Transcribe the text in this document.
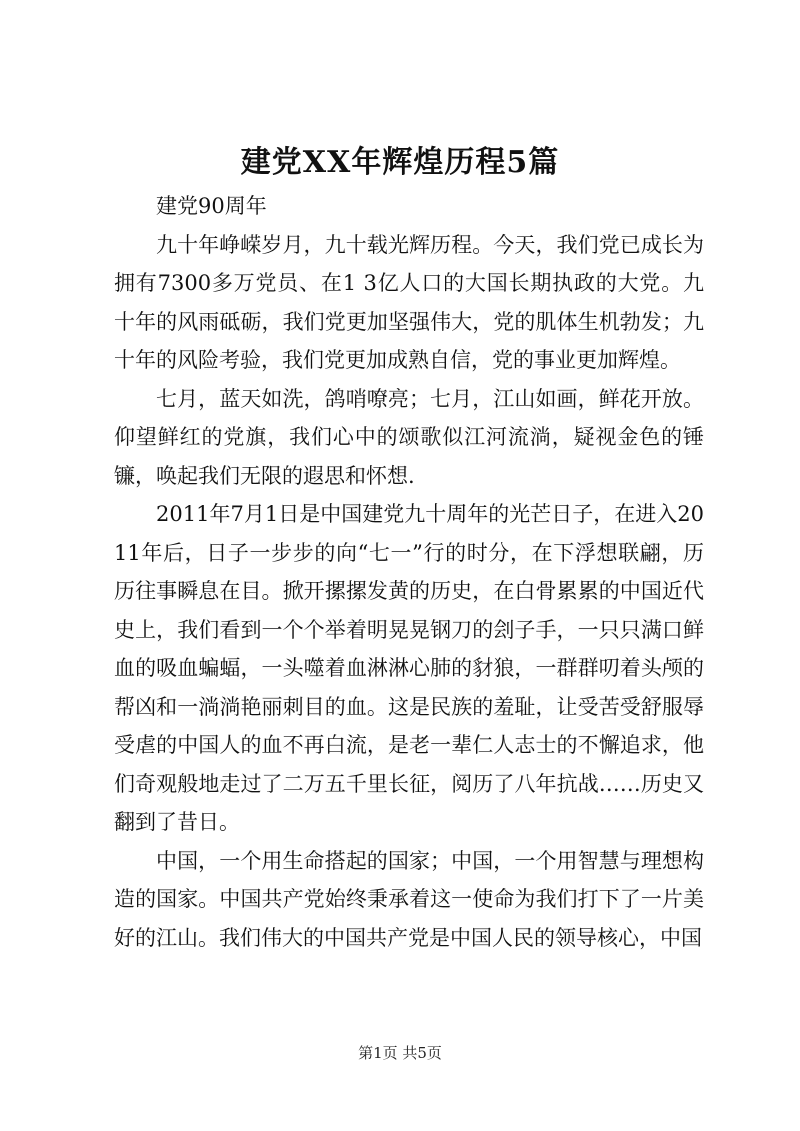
建党XX年辉煌历程5篇

建党90周年

九十年峥嵘岁月，九十载光辉历程。今天，我们党已成长为拥有7300多万党员、在1 3亿人口的大国长期执政的大党。九十年的风雨砥砺，我们党更加坚强伟大，党的肌体生机勃发；九十年的风险考验，我们党更加成熟自信，党的事业更加辉煌。

七月，蓝天如洗，鸽哨嘹亮；七月，江山如画，鲜花开放。仰望鲜红的党旗，我们心中的颂歌似江河流淌，疑视金色的锤镰，唤起我们无限的遐思和怀想.

2011年7月1日是中国建党九十周年的光芒日子，在进入2011年后，日子一步步的向“七一”行的时分，在下浮想联翩，历历往事瞬息在目。掀开摞摞发黄的历史，在白骨累累的中国近代史上，我们看到一个个举着明晃晃钢刀的刽子手，一只只满口鲜血的吸血蝙蝠，一头噬着血淋淋心肺的豺狼，一群群叨着头颅的帮凶和一淌淌艳丽刺目的血。这是民族的羞耻，让受苦受舒服辱受虐的中国人的血不再白流，是老一辈仁人志士的不懈追求，他们奇观般地走过了二万五千里长征，阅历了八年抗战……历史又翻到了昔日。

中国，一个用生命搭起的国家；中国，一个用智慧与理想构造的国家。中国共产党始终秉承着这一使命为我们打下了一片美好的江山。我们伟大的中国共产党是中国人民的领导核心，中国

第1页 共5页
